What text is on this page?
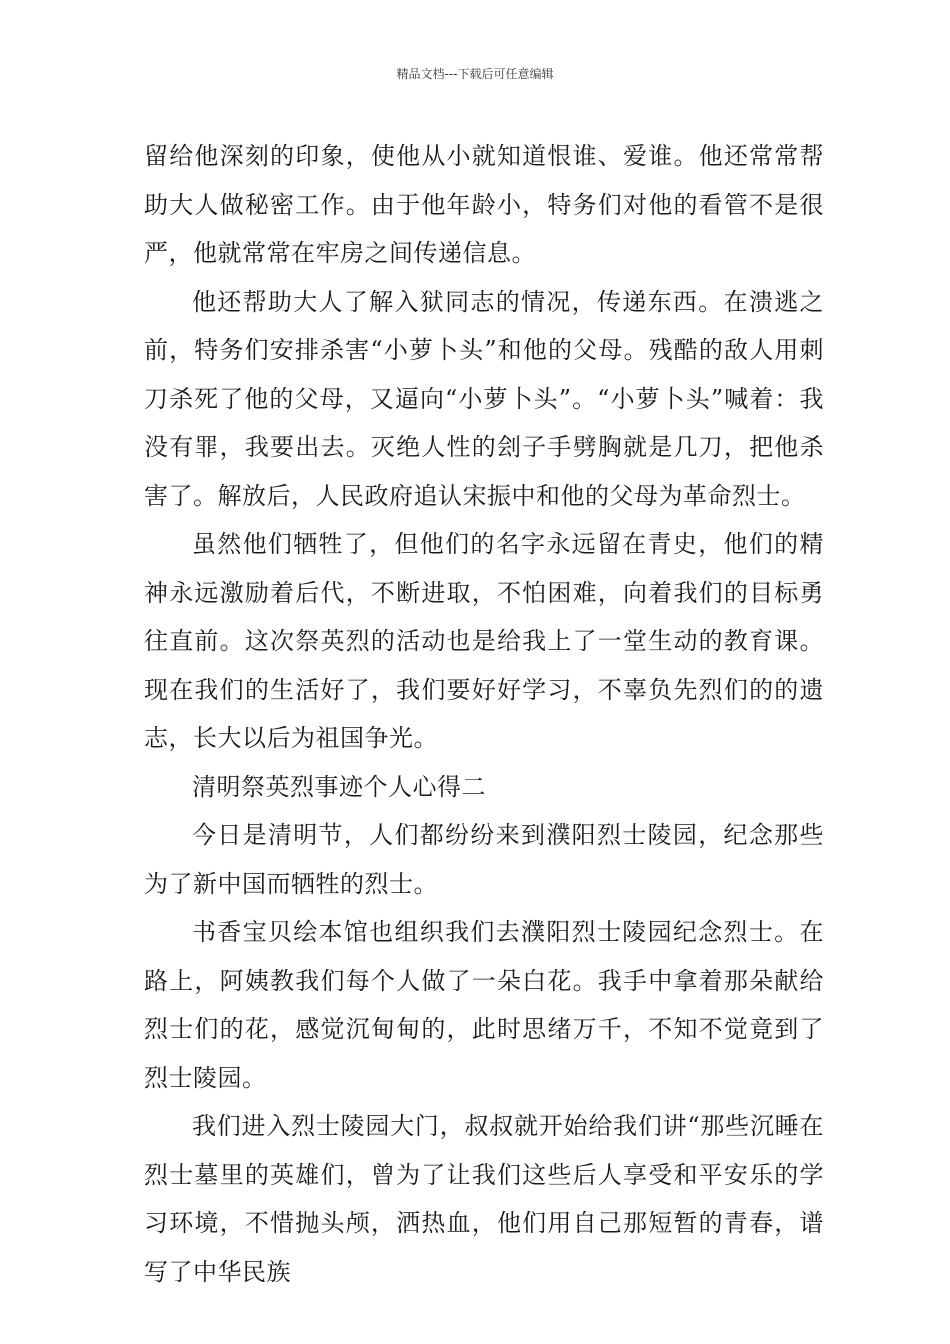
精品文档---下载后可任意编辑

留给他深刻的印象，使他从小就知道恨谁、爱谁。他还常常帮助大人做秘密工作。由于他年龄小，特务们对他的看管不是很严，他就常常在牢房之间传递信息。

他还帮助大人了解入狱同志的情况，传递东西。在溃逃之前，特务们安排杀害“小萝卜头”和他的父母。残酷的敌人用刺刀杀死了他的父母，又逼向“小萝卜头”。“小萝卜头”喊着：我没有罪，我要出去。灭绝人性的刽子手劈胸就是几刀，把他杀害了。解放后，人民政府追认宋振中和他的父母为革命烈士。

虽然他们牺牲了，但他们的名字永远留在青史，他们的精神永远激励着后代，不断进取，不怕困难，向着我们的目标勇往直前。这次祭英烈的活动也是给我上了一堂生动的教育课。现在我们的生活好了，我们要好好学习，不辜负先烈们的的遗志，长大以后为祖国争光。

清明祭英烈事迹个人心得二

今日是清明节，人们都纷纷来到濮阳烈士陵园，纪念那些为了新中国而牺牲的烈士。

书香宝贝绘本馆也组织我们去濮阳烈士陵园纪念烈士。在路上，阿姨教我们每个人做了一朵白花。我手中拿着那朵献给烈士们的花，感觉沉甸甸的，此时思绪万千，不知不觉竟到了烈士陵园。

我们进入烈士陵园大门，叔叔就开始给我们讲“那些沉睡在烈士墓里的英雄们，曾为了让我们这些后人享受和平安乐的学习环境，不惜抛头颅，洒热血，他们用自己那短暂的青春，谱写了中华民族
